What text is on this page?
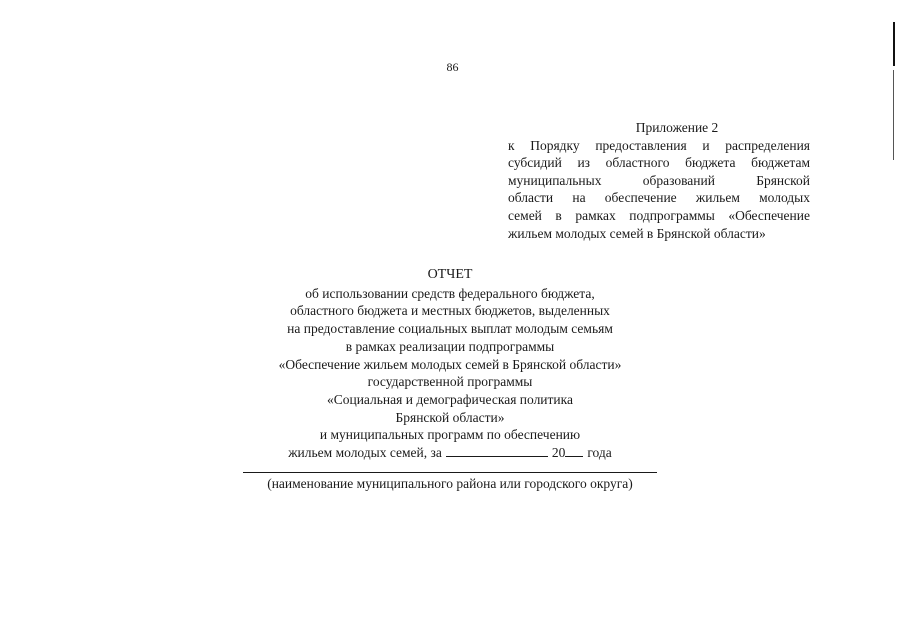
86
Приложение 2
к Порядку предоставления и распределения
субсидий из областного бюджета бюджетам
муниципальных образований Брянской
области на обеспечение жильем молодых
семей в рамках подпрограммы «Обеспечение
жильем молодых семей в Брянской области»
ОТЧЕТ
об использовании средств федерального бюджета,
областного бюджета и местных бюджетов, выделенных
на предоставление социальных выплат молодым семьям
в рамках реализации подпрограммы
«Обеспечение жильем молодых семей в Брянской области»
государственной программы
«Социальная и демографическая политика
Брянской области»
и муниципальных программ по обеспечению
жильем молодых семей, за	20 года
(наименование муниципального района или городского округа)
